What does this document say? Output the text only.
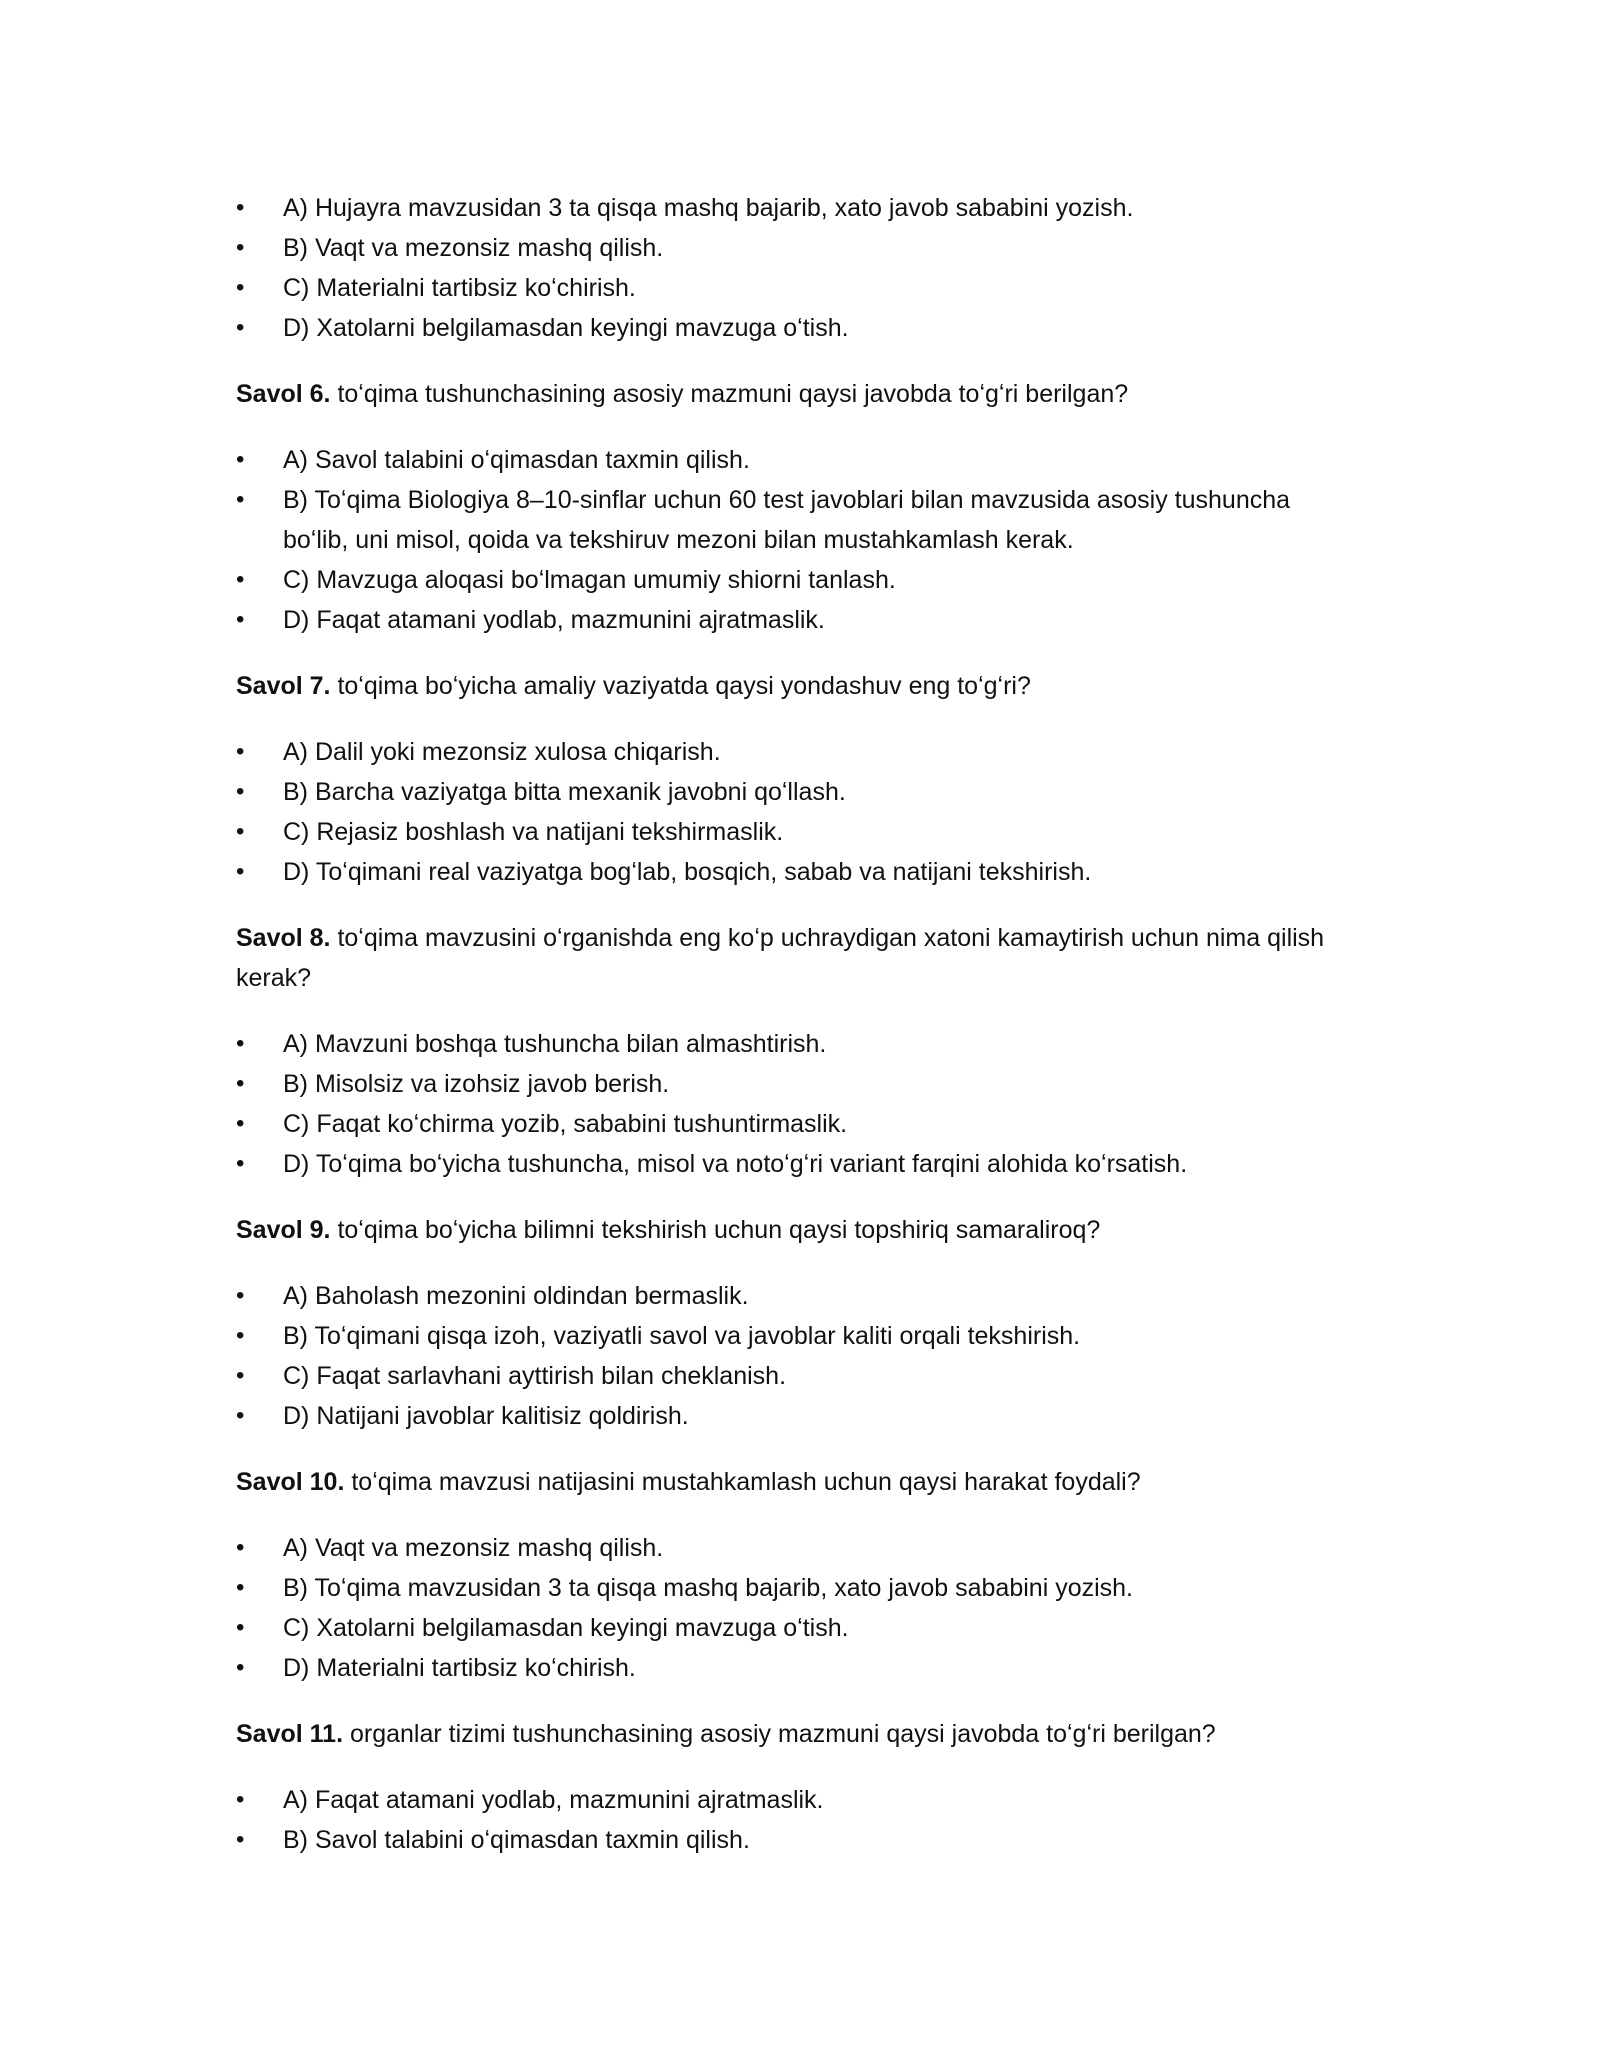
•	A) Hujayra mavzusidan 3 ta qisqa mashq bajarib, xato javob sababini yozish.
•	B) Vaqt va mezonsiz mashq qilish.
•	C) Materialni tartibsiz koʻchirish.
•	D) Xatolarni belgilamasdan keyingi mavzuga oʻtish.

Savol 6. toʻqima tushunchasining asosiy mazmuni qaysi javobda toʻgʻri berilgan?

•	A) Savol talabini oʻqimasdan taxmin qilish.
•	B) Toʻqima Biologiya 8–10-sinflar uchun 60 test javoblari bilan mavzusida asosiy tushuncha boʻlib, uni misol, qoida va tekshiruv mezoni bilan mustahkamlash kerak.
•	C) Mavzuga aloqasi boʻlmagan umumiy shiorni tanlash.
•	D) Faqat atamani yodlab, mazmunini ajratmaslik.

Savol 7. toʻqima boʻyicha amaliy vaziyatda qaysi yondashuv eng toʻgʻri?

•	A) Dalil yoki mezonsiz xulosa chiqarish.
•	B) Barcha vaziyatga bitta mexanik javobni qoʻllash.
•	C) Rejasiz boshlash va natijani tekshirmaslik.
•	D) Toʻqimani real vaziyatga bogʻlab, bosqich, sabab va natijani tekshirish.

Savol 8. toʻqima mavzusini oʻrganishda eng koʻp uchraydigan xatoni kamaytirish uchun nima qilish kerak?

•	A) Mavzuni boshqa tushuncha bilan almashtirish.
•	B) Misolsiz va izohsiz javob berish.
•	C) Faqat koʻchirma yozib, sababini tushuntirmaslik.
•	D) Toʻqima boʻyicha tushuncha, misol va notoʻgʻri variant farqini alohida koʻrsatish.

Savol 9. toʻqima boʻyicha bilimni tekshirish uchun qaysi topshiriq samaraliroq?

•	A) Baholash mezonini oldindan bermaslik.
•	B) Toʻqimani qisqa izoh, vaziyatli savol va javoblar kaliti orqali tekshirish.
•	C) Faqat sarlavhani ayttirish bilan cheklanish.
•	D) Natijani javoblar kalitisiz qoldirish.

Savol 10. toʻqima mavzusi natijasini mustahkamlash uchun qaysi harakat foydali?

•	A) Vaqt va mezonsiz mashq qilish.
•	B) Toʻqima mavzusidan 3 ta qisqa mashq bajarib, xato javob sababini yozish.
•	C) Xatolarni belgilamasdan keyingi mavzuga oʻtish.
•	D) Materialni tartibsiz koʻchirish.

Savol 11. organlar tizimi tushunchasining asosiy mazmuni qaysi javobda toʻgʻri berilgan?

•	A) Faqat atamani yodlab, mazmunini ajratmaslik.
•	B) Savol talabini oʻqimasdan taxmin qilish.
